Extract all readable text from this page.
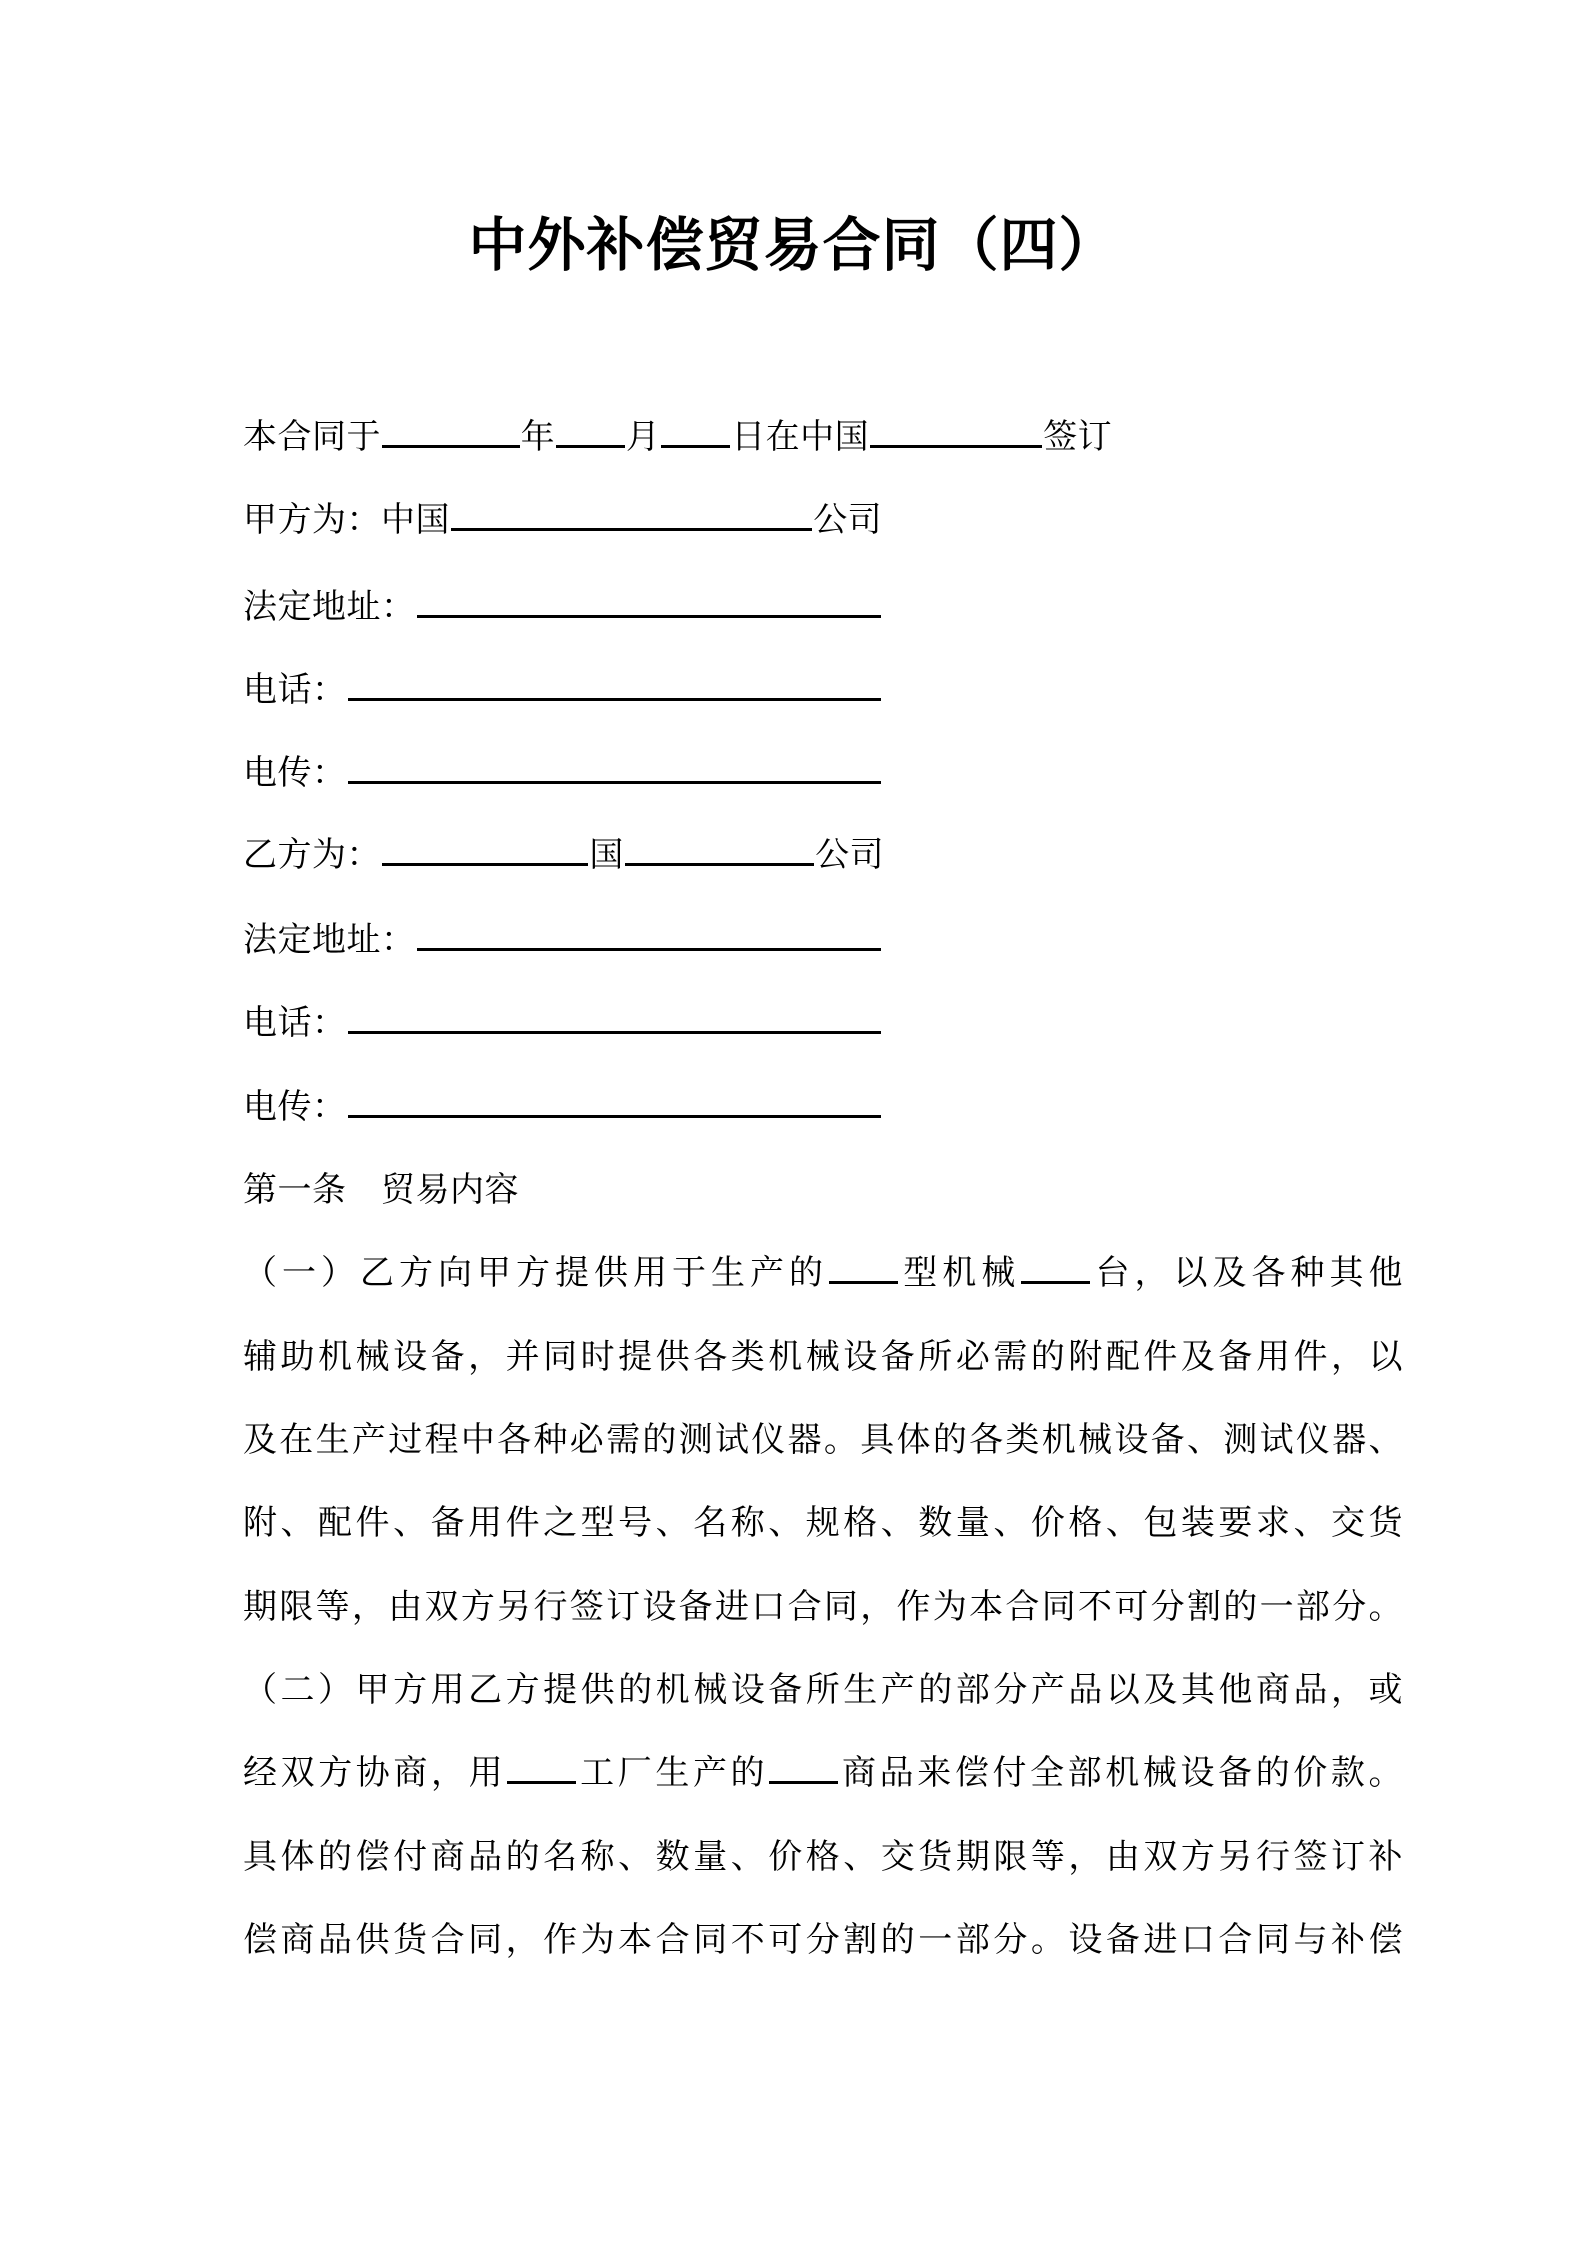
中外补偿贸易合同（四）
本合同于	年 月 日在中国	签订
甲方为：中国	公司
法定地址：
电话：
电传：
乙方为：	国	公司
法定地址：
电话：
电传：
第一条　贸易内容
（一）乙方向甲方提供用于生产的 型机械 台，以及各种其他
辅助机械设备，并同时提供各类机械设备所必需的附配件及备用件，以
及在生产过程中各种必需的测试仪器。具体的各类机械设备、测试仪器、
附、配件、备用件之型号、名称、规格、数量、价格、包装要求、交货
期限等，由双方另行签订设备进口合同，作为本合同不可分割的一部分。
（二）甲方用乙方提供的机械设备所生产的部分产品以及其他商品，或
经双方协商，用 工厂生产的 商品来偿付全部机械设备的价款。
具体的偿付商品的名称、数量、价格、交货期限等，由双方另行签订补
偿商品供货合同，作为本合同不可分割的一部分。设备进口合同与补偿
